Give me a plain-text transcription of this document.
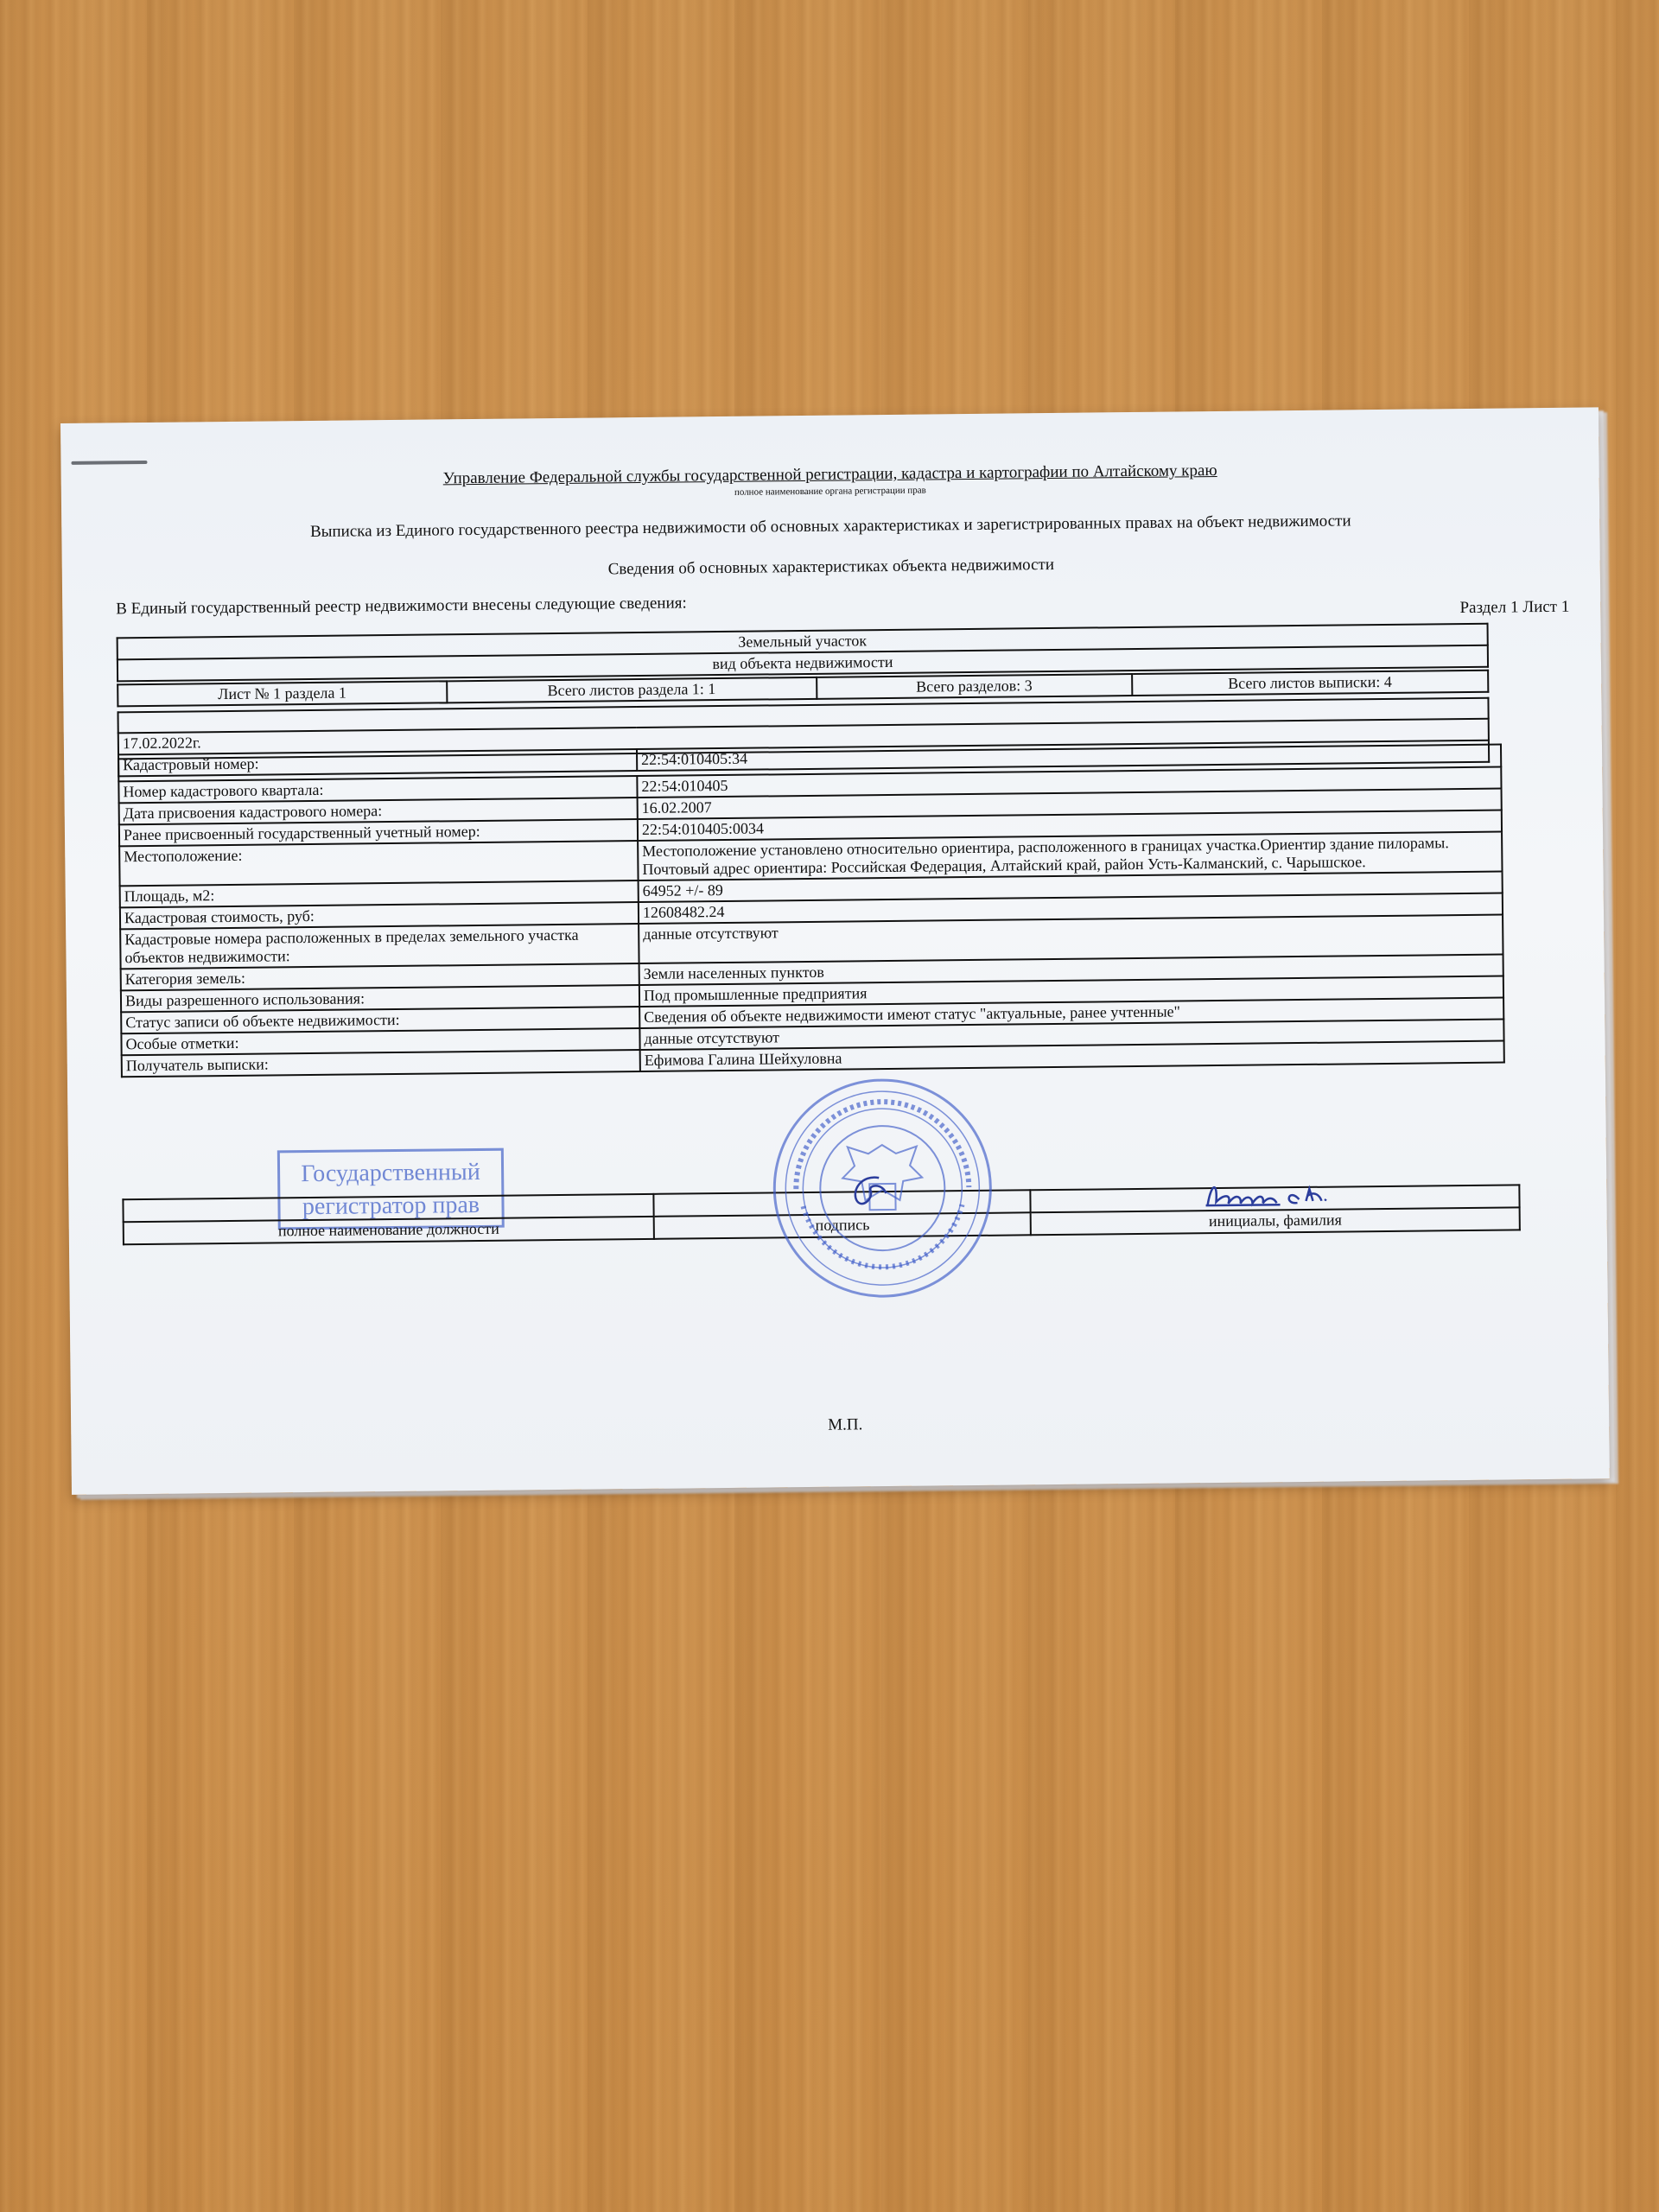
Управление Федеральной службы государственной регистрации, кадастра и картографии по Алтайскому краю
полное наименование органа регистрации прав
Выписка из Единого государственного реестра недвижимости об основных характеристиках и зарегистрированных правах на объект недвижимости
Сведения об основных характеристиках объекта недвижимости
В Единый государственный реестр недвижимости внесены следующие сведения:	Раздел 1 Лист 1
Земельный участок
вид объекта недвижимости
Лист № 1 раздела 1	Всего листов раздела 1: 1	Всего разделов: 3	Всего листов выписки: 4

17.02.2022г.
Кадастровый номер:	22:54:010405:34

Номер кадастрового квартала:	22:54:010405
Дата присвоения кадастрового номера:	16.02.2007
Ранее присвоенный государственный учетный номер:	22:54:010405:0034
Местоположение:	Местоположение установлено относительно ориентира, расположенного в границах участка.Ориентир здание пилорамы. Почтовый адрес ориентира: Российская Федерация, Алтайский край, район Усть-Калманский, с. Чарышское.
Площадь, м2:	64952 +/- 89
Кадастровая стоимость, руб:	12608482.24
Кадастровые номера расположенных в пределах земельного участка объектов недвижимости:	данные отсутствуют
Категория земель:	Земли населенных пунктов
Виды разрешенного использования:	Под промышленные предприятия
Статус записи об объекте недвижимости:	Сведения об объекте недвижимости имеют статус "актуальные, ранее учтенные"
Особые отметки:	данные отсутствуют
Получатель выписки:	Ефимова Галина Шейхуловна
Государственный
регистратор прав

полное наименование должности	подпись	инициалы, фамилия
М.П.
